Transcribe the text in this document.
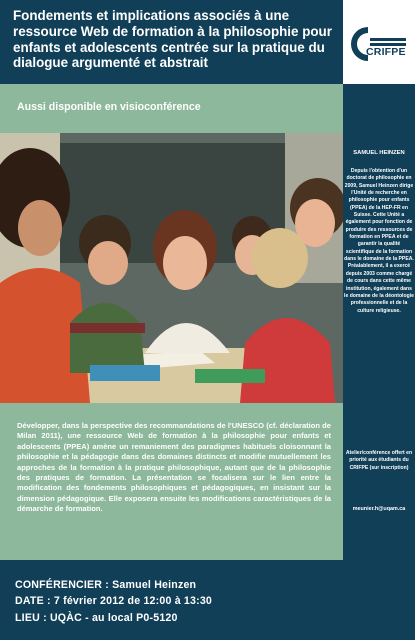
Fondements et implications associés à une ressource Web de formation à la philosophie pour enfants et adolescents centrée sur la pratique du dialogue argumenté et abstrait
CRIFPE
Aussi disponible en visioconférence
Développer, dans la perspective des recommandations de l'UNESCO (cf. déclaration de Milan 2011), une ressource Web de formation à la philosophie pour enfants et adolescents (PPEA) amène un remaniement des paradigmes habituels cloisonnant la philosophie et la pédagogie dans des domaines distincts et modifie mutuellement les approches de la formation à la pratique philosophique, autant que de la philosophie des pratiques de formation. La présentation se focalisera sur le lien entre la modification des fondements philosophiques et pédagogiques, en insistant sur la dimension pédagogique. Elle exposera ensuite les modifications caractéristiques de la démarche de formation.
CONFÉRENCIER : Samuel Heinzen
DATE : 7 février 2012 de 12:00 à 13:30
LIEU : UQÀC - au local P0-5120
SAMUEL HEINZEN
Depuis l'obtention d'un doctorat de philosophie en 2009, Samuel Heinzen dirige l'Unité de recherche en philosophie pour enfants (PPEA) de la HEP-FR en Suisse. Cette Unité a également pour fonction de produire des ressources de formation en PPEA et de garantir la qualité scientifique de la formation dans le domaine de la PPEA. Préalablement, il a exercé depuis 2003 comme chargé de cours dans cette même institution, également dans le domaine de la déontologie professionnelle et de la culture religieuse.
Atelier/conférence offert en priorité aux étudiants du CRIFPE (sur inscription)
meunier.h@uqam.ca
